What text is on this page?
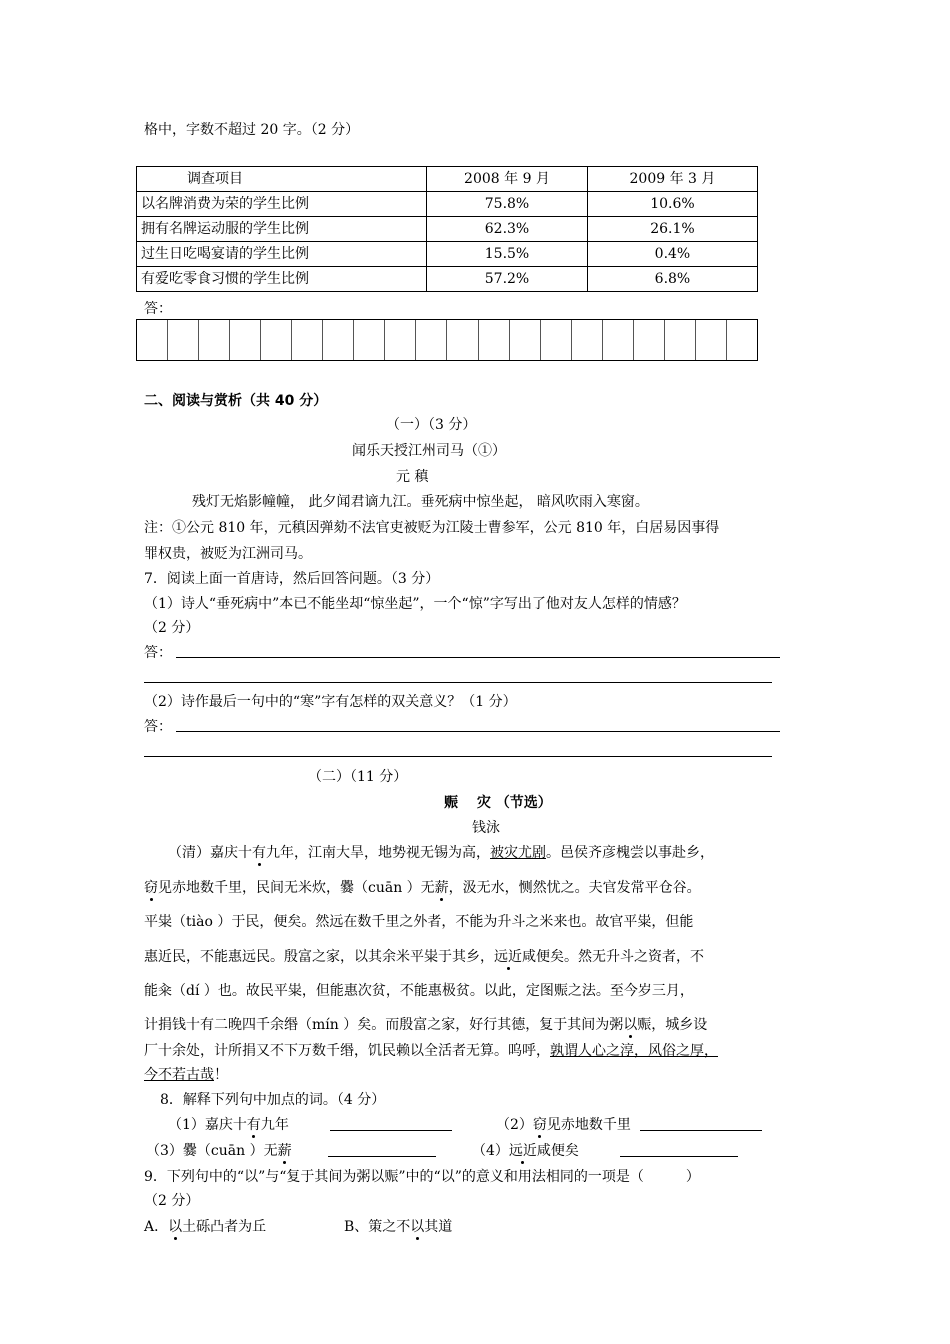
格中，字数不超过 20 字。（2 分）
调查项目	2008 年 9 月	2009 年 3 月
以名牌消费为荣的学生比例	75.8%	10.6%
拥有名牌运动服的学生比例	62.3%	26.1%
过生日吃喝宴请的学生比例	15.5%	0.4%
有爱吃零食习惯的学生比例	57.2%	6.8%
答：
二、阅读与赏析（共 40 分）
（一）（3 分）
闻乐天授江州司马（①）
元 稹
残灯无焰影幢幢， 此夕闻君谪九江。垂死病中惊坐起， 暗风吹雨入寒窗。
注：①公元 810 年，元稹因弹劾不法官吏被贬为江陵士曹参军，公元 810 年，白居易因事得
罪权贵，被贬为江洲司马。
7．阅读上面一首唐诗，然后回答问题。（3 分）
（1）诗人“垂死病中”本已不能坐却“惊坐起”，一个“惊”字写出了他对友人怎样的情感？
（2 分）
答：
（2）诗作最后一句中的“寒”字有怎样的双关意义？（1 分）
答：
（二）（11 分）
赈　 灾 （节选）
钱泳
（清）嘉庆十有九年，江南大旱，地势视无锡为高，被灾尤剧。邑侯齐彦槐尝以事赴乡，
窃见赤地数千里，民间无米炊，爨（cuān ）无薪，汲无水，恻然忧之。夫官发常平仓谷。
平粜（tiào ）于民，便矣。然远在数千里之外者，不能为升斗之米来也。故官平粜，但能
惠近民，不能惠远民。殷富之家，以其余米平粜于其乡，远近咸便矣。然无升斗之资者，不
能籴（dí ）也。故民平粜，但能惠次贫，不能惠极贫。以此，定图赈之法。至今岁三月，
计捐钱十有二晚四千余缗（mín ）矣。而殷富之家，好行其德，复于其间为粥以赈，城乡设
厂十余处，计所捐又不下万数千缗，饥民赖以全活者无算。呜呼，孰谓人心之淳，风俗之厚，
今不若古哉！
8．解释下列句中加点的词。（4 分）
（1）嘉庆十有九年	（2）窃见赤地数千里
（3）爨（cuān ）无薪	（4）远近咸便矣
9．下列句中的“以”与“复于其间为粥以赈”中的“以”的意义和用法相同的一项是（　　　）
（2 分）
A．以土砾凸者为丘	B、策之不以其道
